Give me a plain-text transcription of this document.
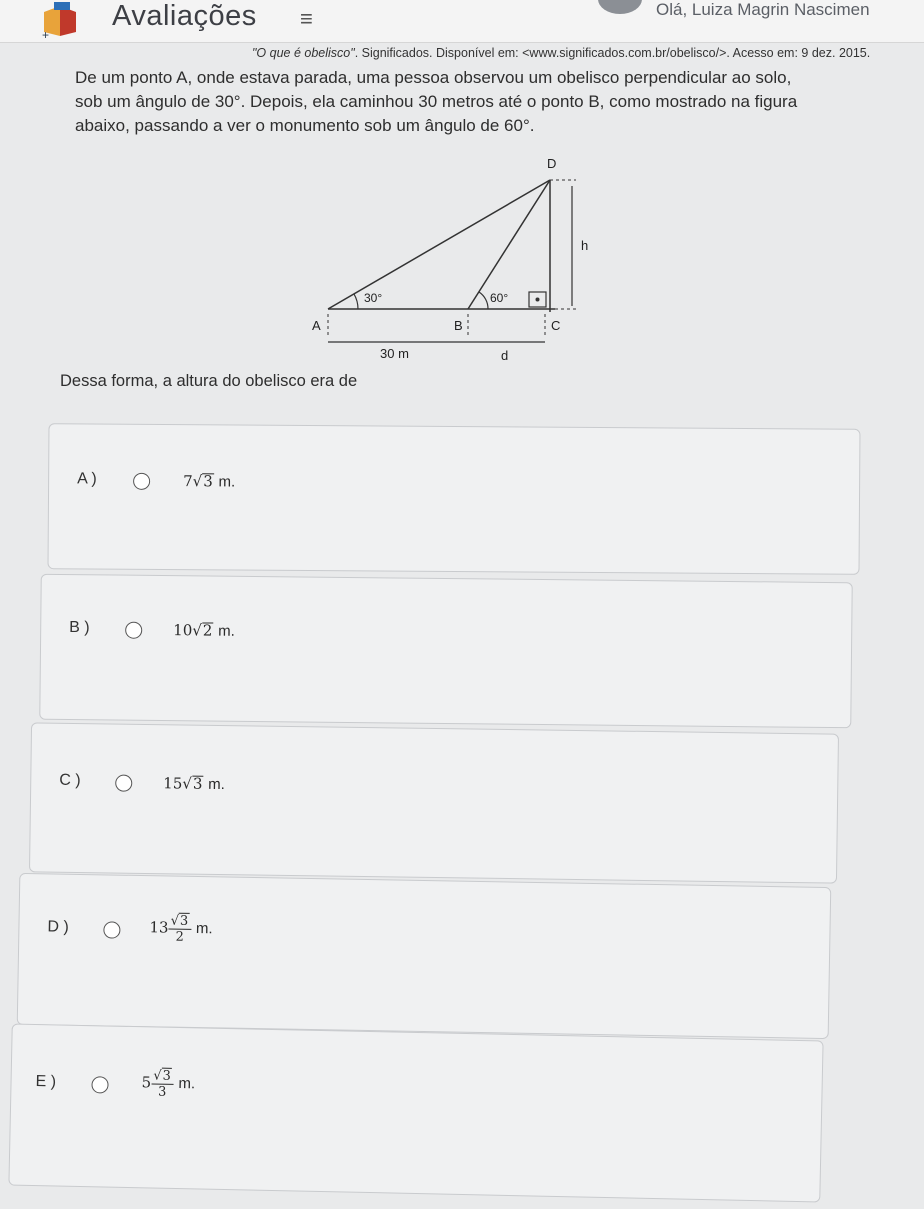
+
Avaliações ≡	Olá, Luiza Magrin Nascimen
"O que é obelisco". Significados. Disponível em: <www.significados.com.br/obelisco/>. Acesso em: 9 dez. 2015.

De um ponto A, onde estava parada, uma pessoa observou um obelisco perpendicular ao solo,

sob um ângulo de 30°. Depois, ela caminhou 30 metros até o ponto B, como mostrado na figura

abaixo, passando a ver o monumento sob um ângulo de 60°.

D
h
30°	60°
A	B	C
30 m	d
Dessa forma, a altura do obelisco era de
A )	7√3 m.
B )	10√2 m.
C )	15√3 m.
D )	$13 \frac{√3}{2} m$.
E )	$5 \frac{√3}{3} m$.
